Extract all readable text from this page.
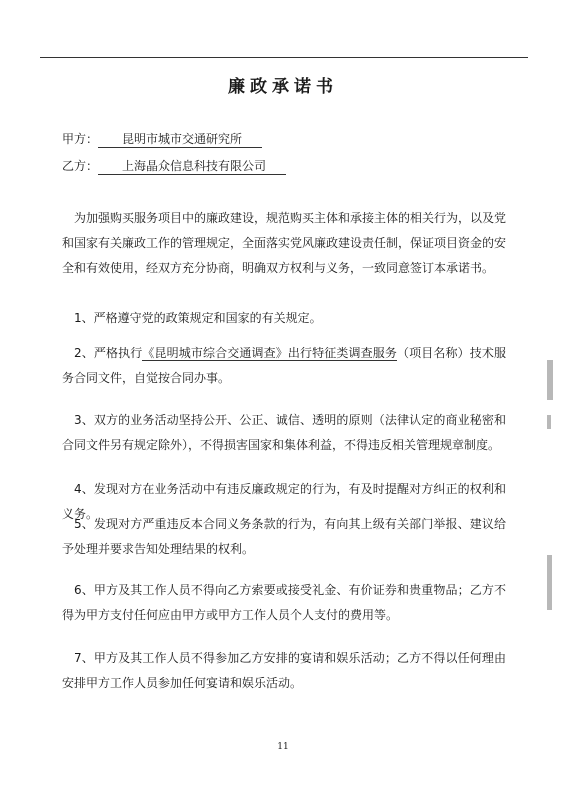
廉政承诺书
甲方： 昆明市城市交通研究所
乙方： 上海晶众信息科技有限公司

为加强购买服务项目中的廉政建设，规范购买主体和承接主体的相关行为，以及党和国家有关廉政工作的管理规定，全面落实党风廉政建设责任制，保证项目资金的安全和有效使用，经双方充分协商，明确双方权利与义务，一致同意签订本承诺书。

1、严格遵守党的政策规定和国家的有关规定。

2、严格执行《昆明城市综合交通调查》出行特征类调查服务（项目名称）技术服务合同文件，自觉按合同办事。

3、双方的业务活动坚持公开、公正、诚信、透明的原则（法律认定的商业秘密和合同文件另有规定除外），不得损害国家和集体利益，不得违反相关管理规章制度。

4、发现对方在业务活动中有违反廉政规定的行为，有及时提醒对方纠正的权利和义务。

5、发现对方严重违反本合同义务条款的行为，有向其上级有关部门举报、建议给予处理并要求告知处理结果的权利。

6、甲方及其工作人员不得向乙方索要或接受礼金、有价证券和贵重物品；乙方不得为甲方支付任何应由甲方或甲方工作人员个人支付的费用等。

7、甲方及其工作人员不得参加乙方安排的宴请和娱乐活动；乙方不得以任何理由安排甲方工作人员参加任何宴请和娱乐活动。

11
